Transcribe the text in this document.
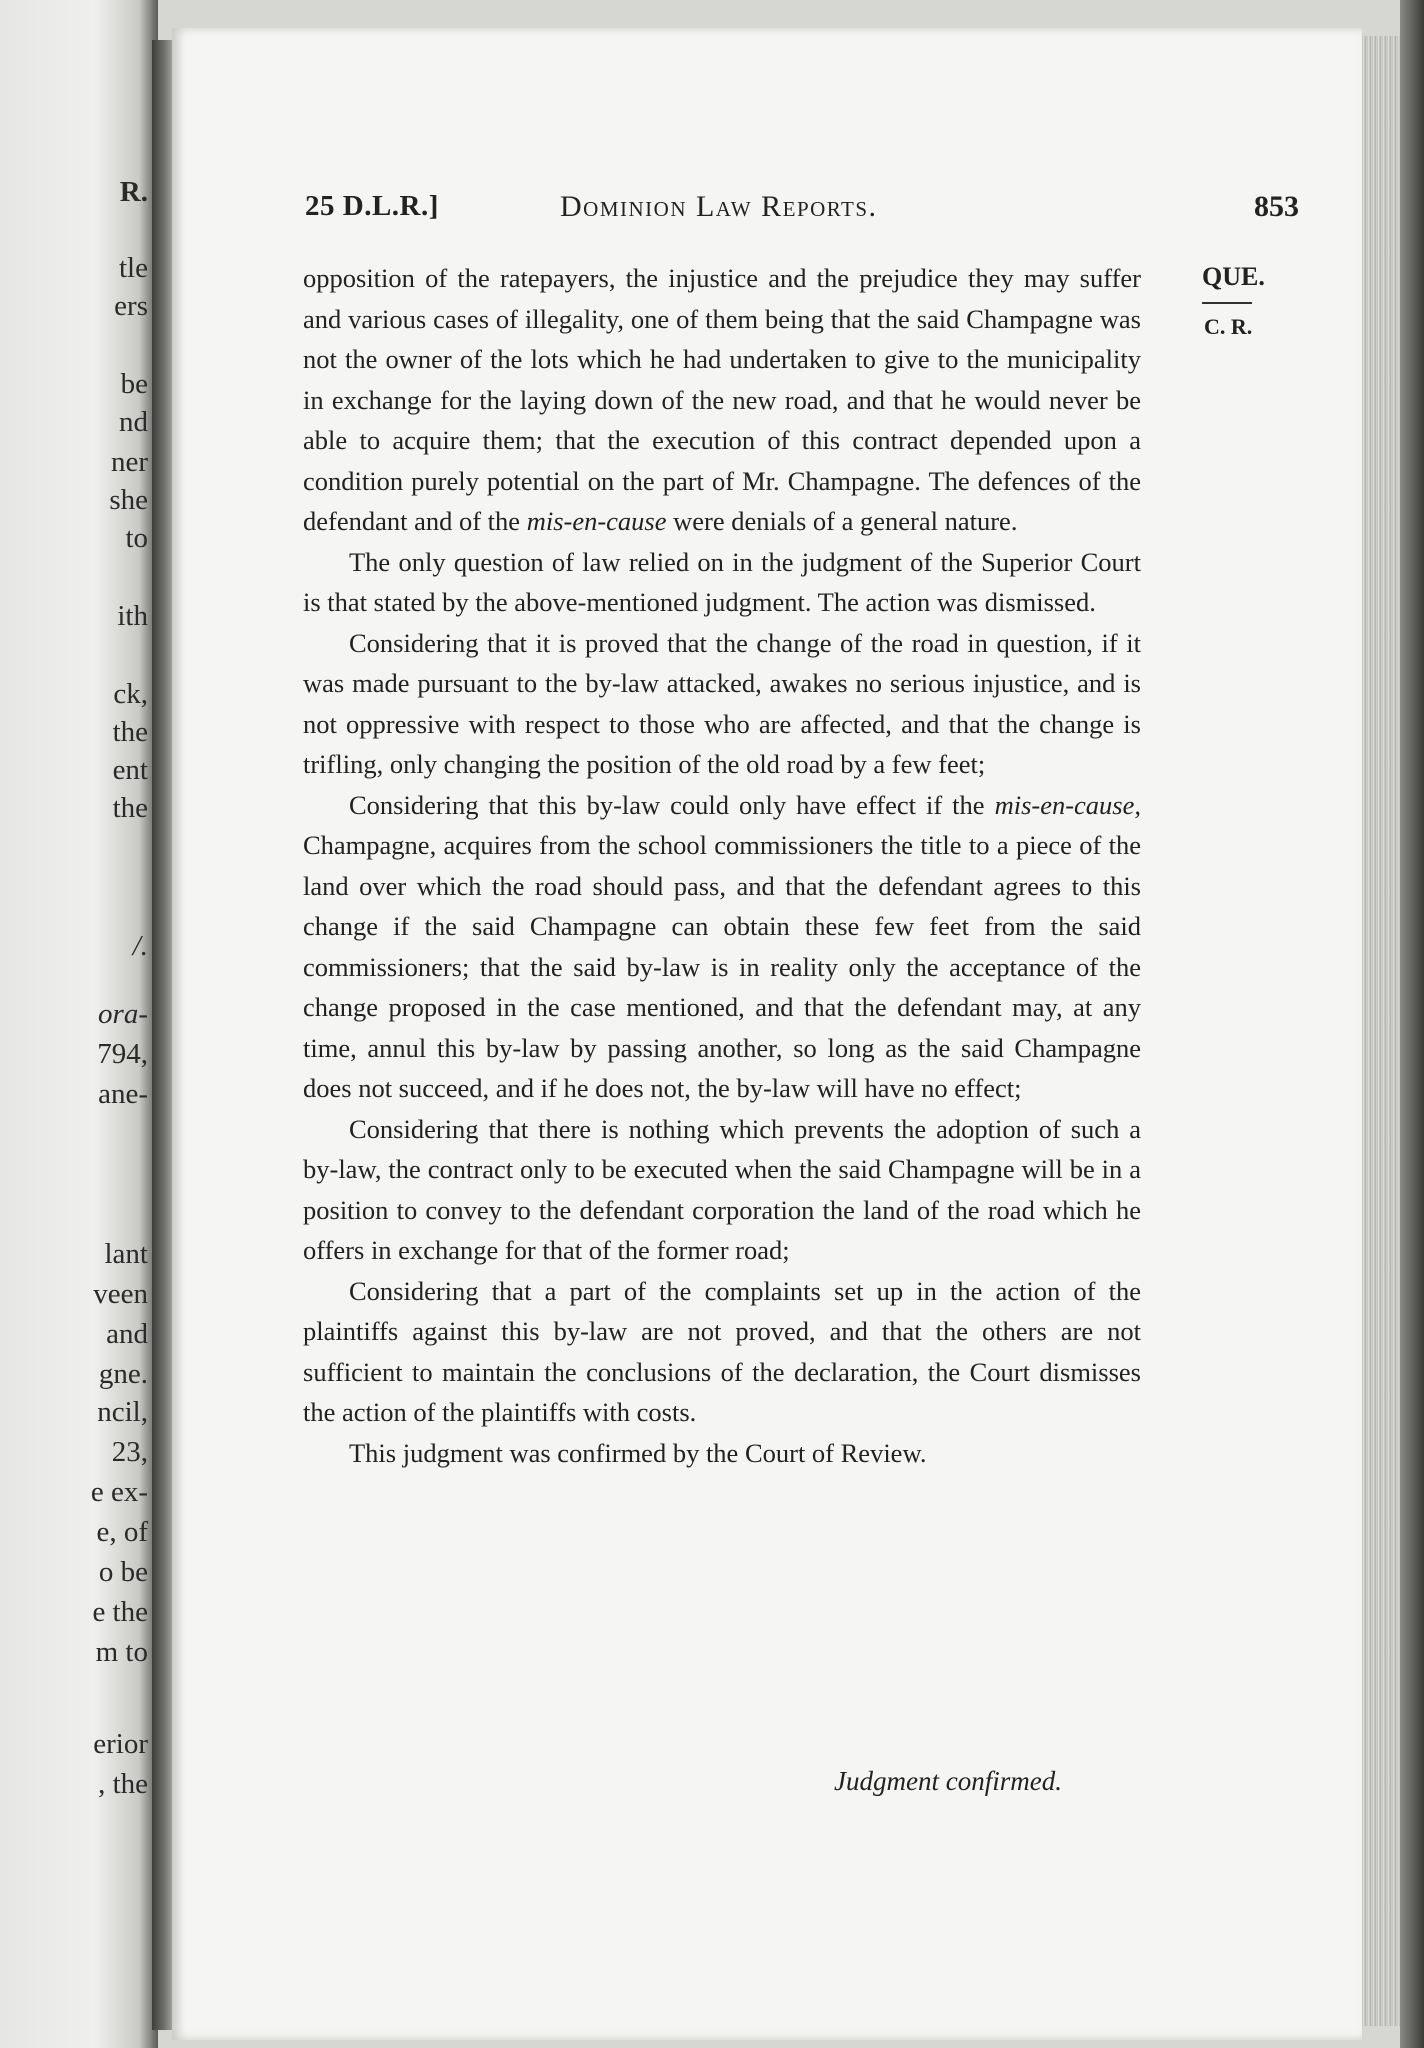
R.
tle
ers
be
nd
ner
she
to
ith
ck,
the
ent
the
/.
ora-
794,
ane-
lant
veen
and
gne.
ncil,
23,
e ex-
e, of
o be
e the
m to
erior
, the
25 D.L.R.]	Dominion Law Reports.	853
QUE.
C. R.

opposition of the ratepayers, the injustice and the prejudice they may suffer and various cases of illegality, one of them being that the said Champagne was not the owner of the lots which he had undertaken to give to the municipality in exchange for the laying down of the new road, and that he would never be able to acquire them; that the execution of this contract depended upon a condition purely potential on the part of Mr. Champagne. The defences of the defendant and of the mis-en-cause were denials of a general nature.

The only question of law relied on in the judgment of the Superior Court is that stated by the above-mentioned judgment. The action was dismissed.

Considering that it is proved that the change of the road in question, if it was made pursuant to the by-law attacked, awakes no serious injustice, and is not oppressive with respect to those who are affected, and that the change is trifling, only changing the position of the old road by a few feet;

Considering that this by-law could only have effect if the mis-en-cause, Champagne, acquires from the school commissioners the title to a piece of the land over which the road should pass, and that the defendant agrees to this change if the said Champagne can obtain these few feet from the said commissioners; that the said by-law is in reality only the acceptance of the change proposed in the case mentioned, and that the defendant may, at any time, annul this by-law by passing another, so long as the said Champagne does not succeed, and if he does not, the by-law will have no effect;

Considering that there is nothing which prevents the adoption of such a by-law, the contract only to be executed when the said Champagne will be in a position to convey to the defendant corporation the land of the road which he offers in exchange for that of the former road;

Considering that a part of the complaints set up in the action of the plaintiffs against this by-law are not proved, and that the others are not sufficient to maintain the conclusions of the declaration, the Court dismisses the action of the plaintiffs with costs.

This judgment was confirmed by the Court of Review.

Judgment confirmed.
